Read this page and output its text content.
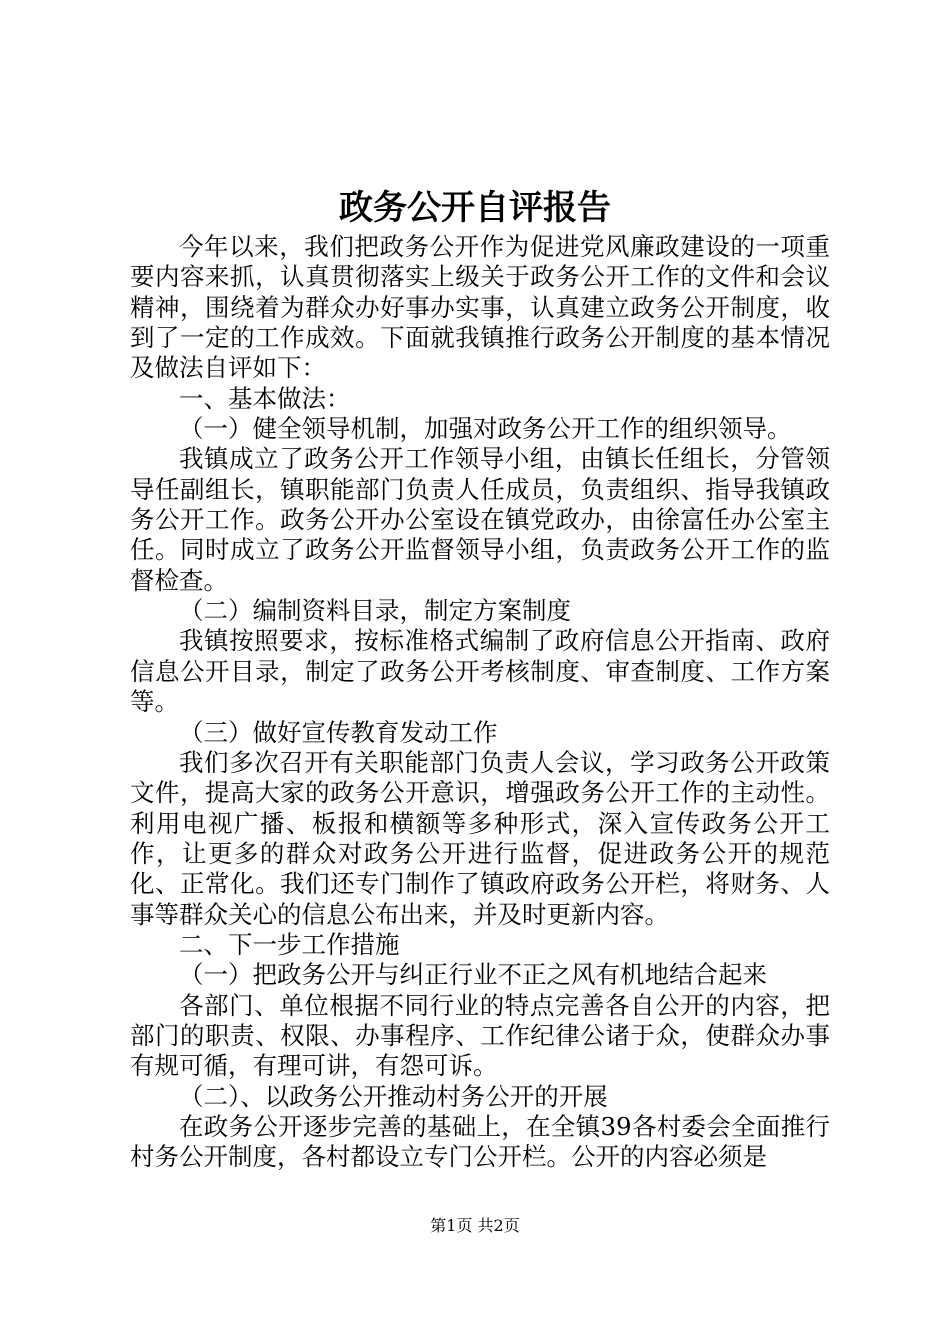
政务公开自评报告

今年以来，我们把政务公开作为促进党风廉政建设的一项重要内容来抓，认真贯彻落实上级关于政务公开工作的文件和会议精神，围绕着为群众办好事办实事，认真建立政务公开制度，收到了一定的工作成效。下面就我镇推行政务公开制度的基本情况及做法自评如下：

一、基本做法：

（一）健全领导机制，加强对政务公开工作的组织领导。

我镇成立了政务公开工作领导小组，由镇长任组长，分管领导任副组长，镇职能部门负责人任成员，负责组织、指导我镇政务公开工作。政务公开办公室设在镇党政办，由徐富任办公室主任。同时成立了政务公开监督领导小组，负责政务公开工作的监督检查。

（二）编制资料目录，制定方案制度

我镇按照要求，按标准格式编制了政府信息公开指南、政府信息公开目录，制定了政务公开考核制度、审查制度、工作方案等。

（三）做好宣传教育发动工作

我们多次召开有关职能部门负责人会议，学习政务公开政策文件，提高大家的政务公开意识，增强政务公开工作的主动性。利用电视广播、板报和横额等多种形式，深入宣传政务公开工作，让更多的群众对政务公开进行监督，促进政务公开的规范化、正常化。我们还专门制作了镇政府政务公开栏，将财务、人事等群众关心的信息公布出来，并及时更新内容。

二、下一步工作措施

（一）把政务公开与纠正行业不正之风有机地结合起来

各部门、单位根据不同行业的特点完善各自公开的内容，把部门的职责、权限、办事程序、工作纪律公诸于众，使群众办事有规可循，有理可讲，有怨可诉。

（二）、以政务公开推动村务公开的开展

在政务公开逐步完善的基础上，在全镇39各村委会全面推行村务公开制度，各村都设立专门公开栏。公开的内容必须是

第1页 共2页
